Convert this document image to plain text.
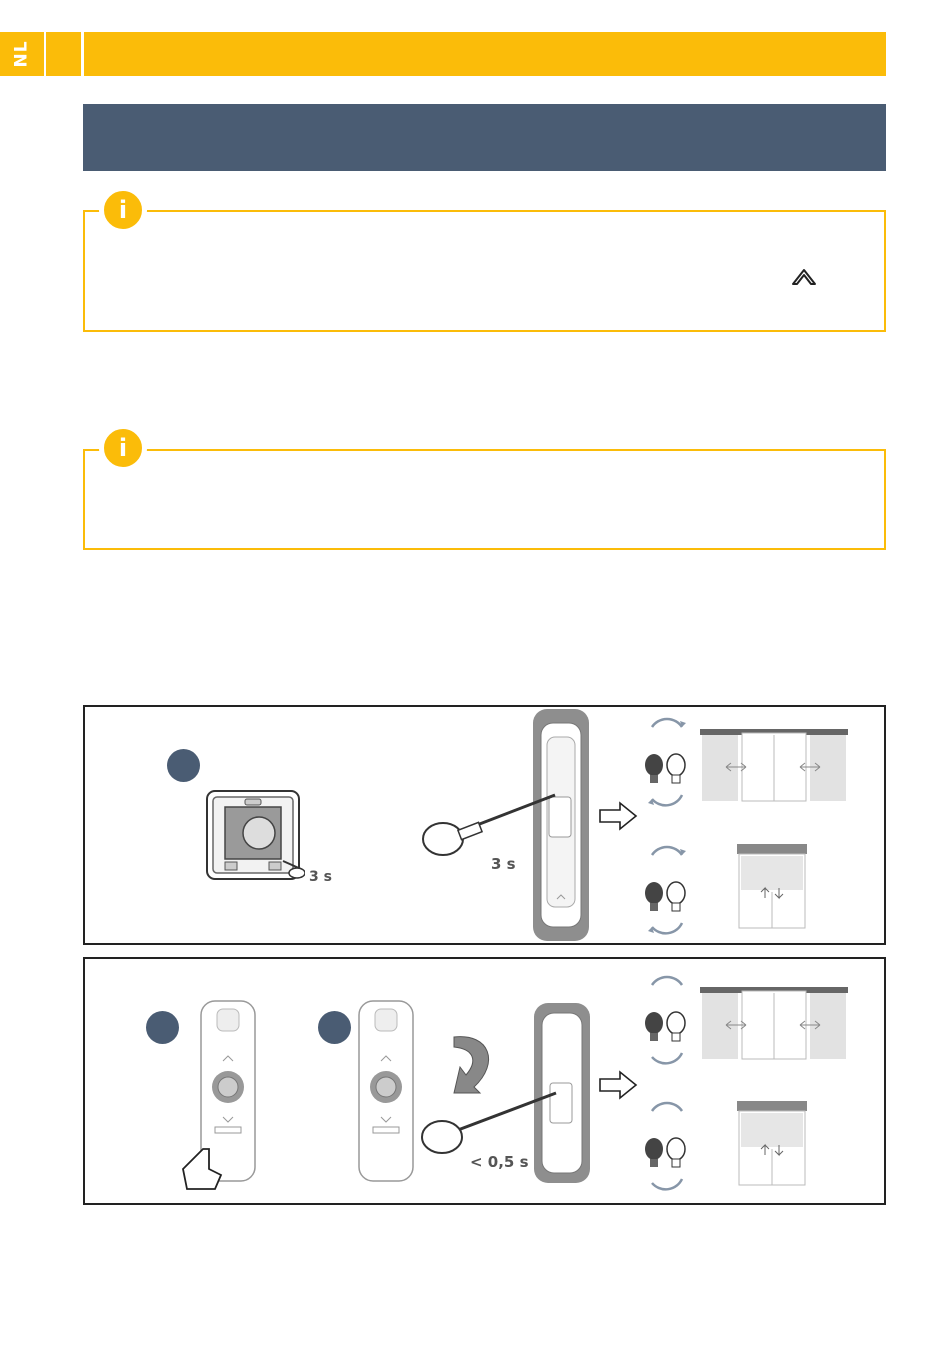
NL
i
i
3 s
3 s
< 0,5 s
